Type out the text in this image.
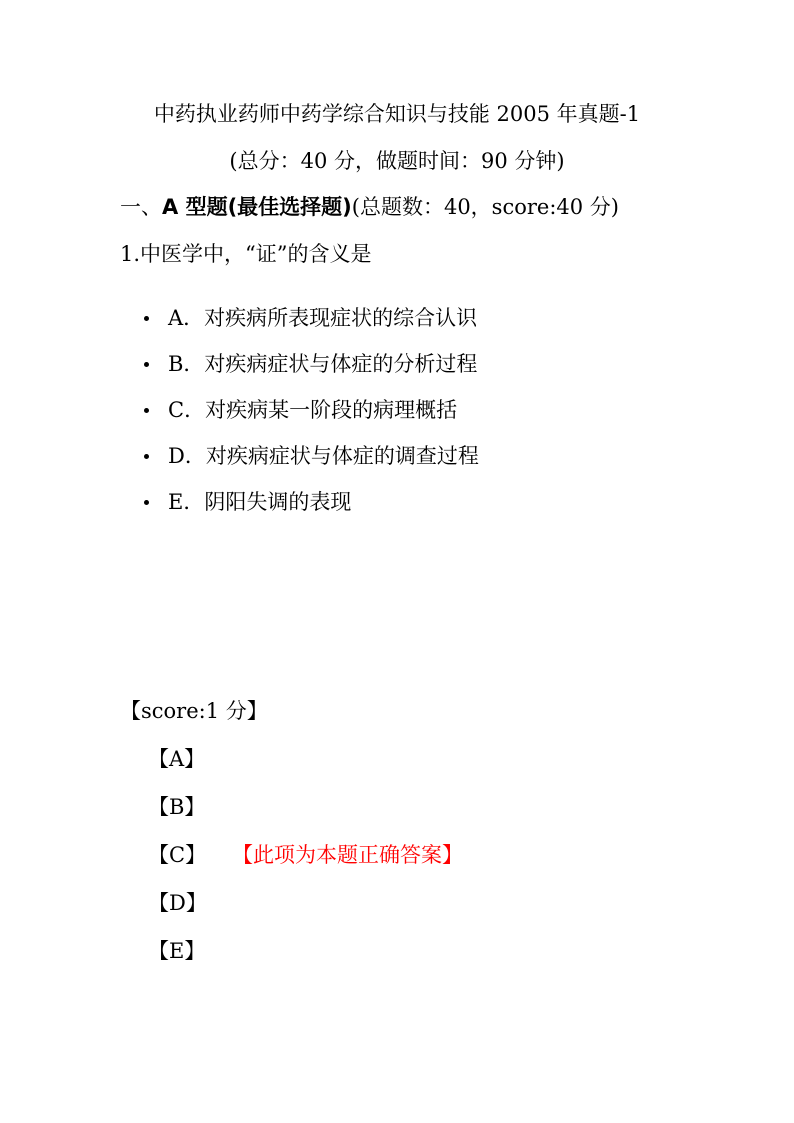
中药执业药师中药学综合知识与技能 2005 年真题-1
(总分：40 分，做题时间：90 分钟)
一、A 型题(最佳选择题)(总题数：40，score:40 分)
1.中医学中，“证”的含义是
A．对疾病所表现症状的综合认识
B．对疾病症状与体症的分析过程
C．对疾病某一阶段的病理概括
D．对疾病症状与体症的调查过程
E．阴阳失调的表现
【score:1 分】
【A】
【B】
【C】 【此项为本题正确答案】
【D】
【E】
